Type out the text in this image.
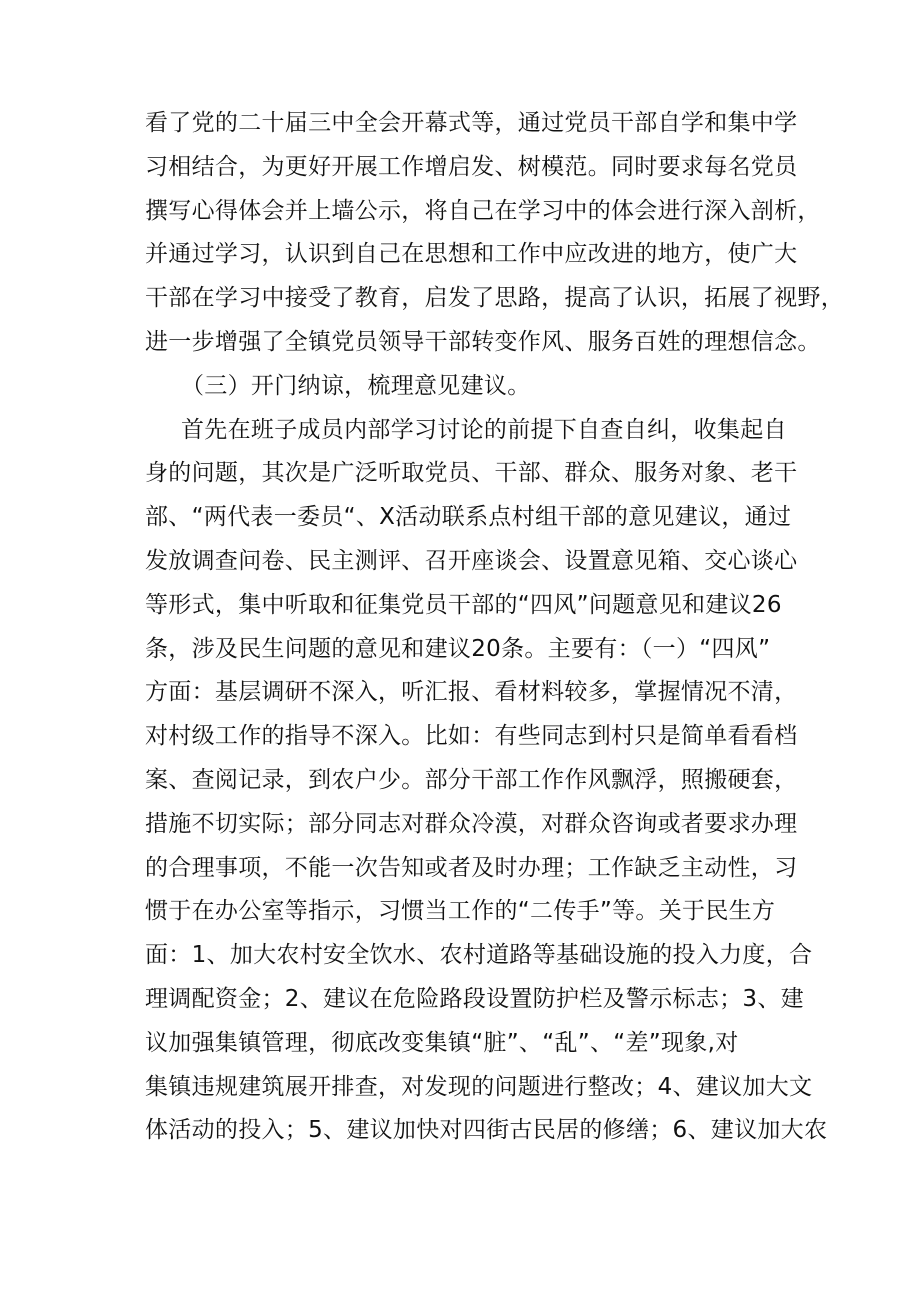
看了党的二十届三中全会开幕式等，通过党员干部自学和集中学
习相结合，为更好开展工作增启发、树模范。同时要求每名党员
撰写心得体会并上墙公示，将自己在学习中的体会进行深入剖析，
并通过学习，认识到自己在思想和工作中应改进的地方，使广大
干部在学习中接受了教育，启发了思路，提高了认识，拓展了视野，
进一步增强了全镇党员领导干部转变作风、服务百姓的理想信念。
（三）开门纳谅，梳理意见建议。
首先在班子成员内部学习讨论的前提下自查自纠，收集起自
身的问题，其次是广泛听取党员、干部、群众、服务对象、老干
部、“两代表一委员“、X活动联系点村组干部的意见建议，通过
发放调查问卷、民主测评、召开座谈会、设置意见箱、交心谈心
等形式，集中听取和征集党员干部的“四风”问题意见和建议26
条，涉及民生问题的意见和建议20条。主要有：（一）“四风”
方面：基层调研不深入，听汇报、看材料较多，掌握情况不清，
对村级工作的指导不深入。比如：有些同志到村只是简单看看档
案、查阅记录，到农户少。部分干部工作作风飘浮，照搬硬套，
措施不切实际；部分同志对群众冷漠，对群众咨询或者要求办理
的合理事项，不能一次告知或者及时办理；工作缺乏主动性，习
惯于在办公室等指示，习惯当工作的“二传手”等。关于民生方
面：1、加大农村安全饮水、农村道路等基础设施的投入力度，合
理调配资金；2、建议在危险路段设置防护栏及警示标志；3、建
议加强集镇管理，彻底改变集镇“脏”、“乱”、“差”现象,对
集镇违规建筑展开排查，对发现的问题进行整改；4、建议加大文
体活动的投入；5、建议加快对四街古民居的修缮；6、建议加大农
